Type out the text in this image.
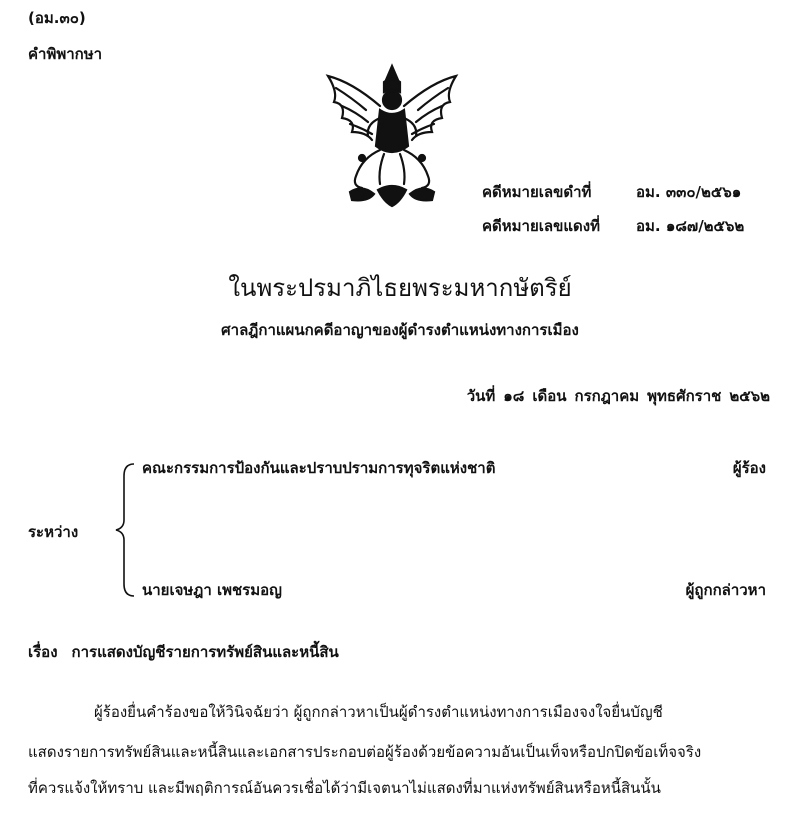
(อม.๓๐)
คำพิพากษา
คดีหมายเลขดำที่	อม. ๓๓๐/๒๕๖๑
คดีหมายเลขแดงที่ อม. ๑๘๗/๒๕๖๒
ในพระปรมาภิไธยพระมหากษัตริย์
ศาลฎีกาแผนกคดีอาญาของผู้ดำรงตำแหน่งทางการเมือง
วันที่ ๑๘ เดือน กรกฎาคม พุทธศักราช ๒๕๖๒
คณะกรรมการป้องกันและปราบปรามการทุจริตแห่งชาติ	ผู้ร้อง
ระหว่าง
นายเจษฎา เพชรมอญ	ผู้ถูกกล่าวหา
เรื่อง การแสดงบัญชีรายการทรัพย์สินและหนี้สิน
ผู้ร้องยื่นคำร้องขอให้วินิจฉัยว่า ผู้ถูกกล่าวหาเป็นผู้ดำรงตำแหน่งทางการเมืองจงใจยื่นบัญชี
แสดงรายการทรัพย์สินและหนี้สินและเอกสารประกอบต่อผู้ร้องด้วยข้อความอันเป็นเท็จหรือปกปิดข้อเท็จจริง
ที่ควรแจ้งให้ทราบ และมีพฤติการณ์อันควรเชื่อได้ว่ามีเจตนาไม่แสดงที่มาแห่งทรัพย์สินหรือหนี้สินนั้น
